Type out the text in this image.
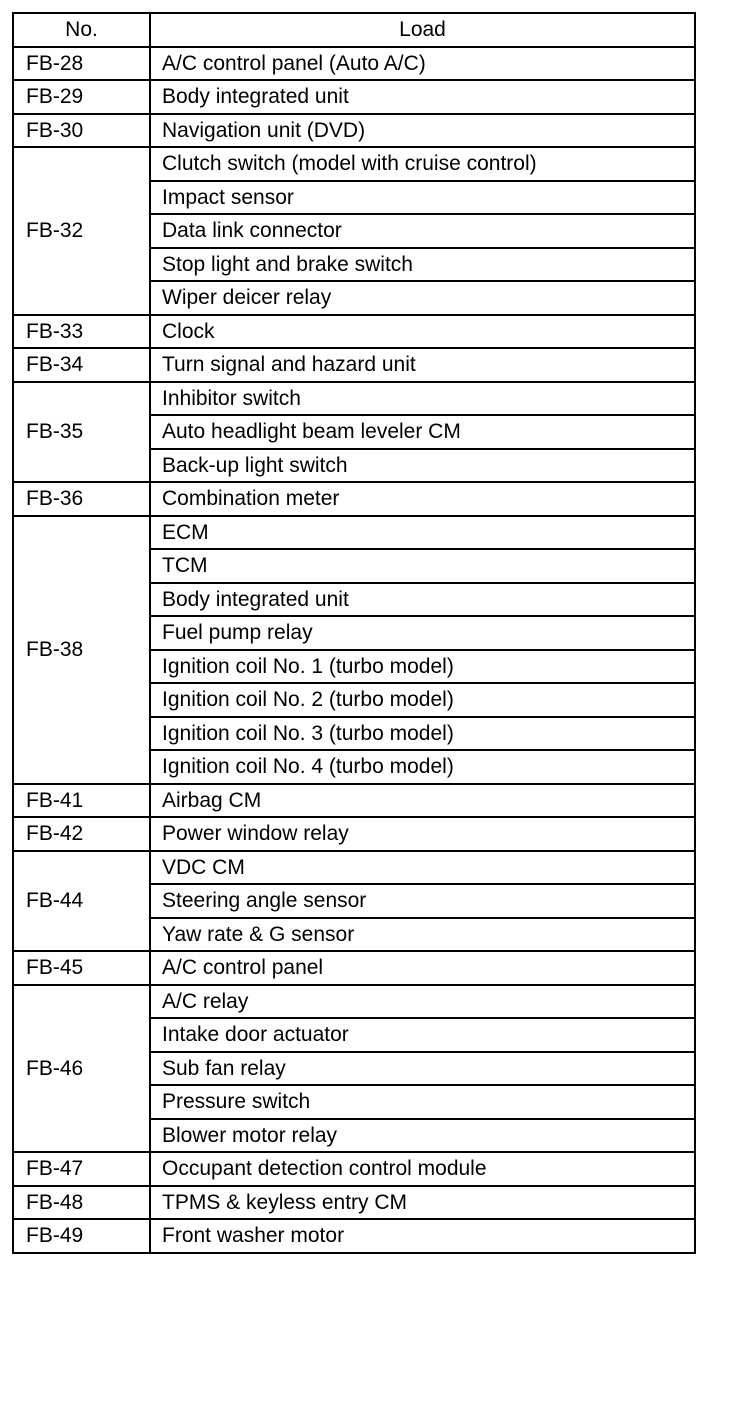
No.	Load
FB-28	A/C control panel (Auto A/C)
FB-29	Body integrated unit
FB-30	Navigation unit (DVD)
FB-32	Clutch switch (model with cruise control)
	Impact sensor
	Data link connector
	Stop light and brake switch
	Wiper deicer relay
FB-33	Clock
FB-34	Turn signal and hazard unit
FB-35	Inhibitor switch
	Auto headlight beam leveler CM
	Back-up light switch
FB-36	Combination meter
FB-38	ECM
	TCM
	Body integrated unit
	Fuel pump relay
	Ignition coil No. 1 (turbo model)
	Ignition coil No. 2 (turbo model)
	Ignition coil No. 3 (turbo model)
	Ignition coil No. 4 (turbo model)
FB-41	Airbag CM
FB-42	Power window relay
FB-44	VDC CM
	Steering angle sensor
	Yaw rate & G sensor
FB-45	A/C control panel
FB-46	A/C relay
	Intake door actuator
	Sub fan relay
	Pressure switch
	Blower motor relay
FB-47	Occupant detection control module
FB-48	TPMS & keyless entry CM
FB-49	Front washer motor
